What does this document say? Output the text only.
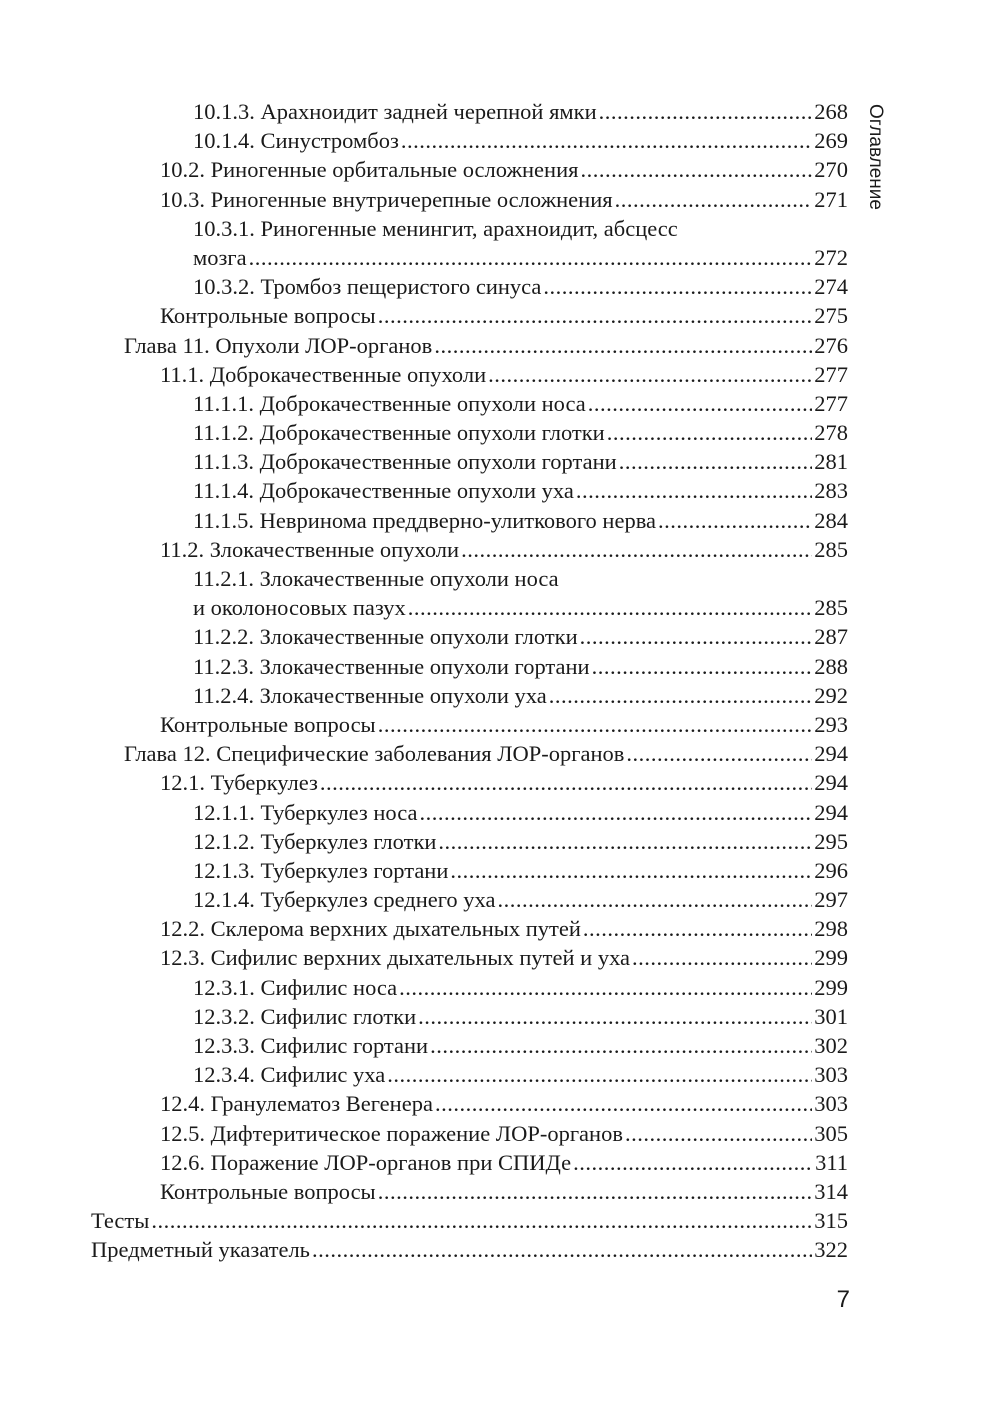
Оглавление
10.1.3. Арахноидит задней черепной ямки .....	268
10.1.4. Синустромбоз .....	269
10.2. Риногенные орбитальные осложнения .....	270
10.3. Риногенные внутричерепные осложнения .....	271
10.3.1. Риногенные менингит, арахноидит, абсцесс
мозга .....	272
10.3.2. Тромбоз пещеристого синуса .....	274
Контрольные вопросы .....	275
Глава 11. Опухоли ЛОР-органов .....	276
11.1. Доброкачественные опухоли .....	277
11.1.1. Доброкачественные опухоли носа .....	277
11.1.2. Доброкачественные опухоли глотки .....	278
11.1.3. Доброкачественные опухоли гортани .....	281
11.1.4. Доброкачественные опухоли уха .....	283
11.1.5. Невринома преддверно-улиткового нерва .....	284
11.2. Злокачественные опухоли .....	285
11.2.1. Злокачественные опухоли носа
и околоносовых пазух .....	285
11.2.2. Злокачественные опухоли глотки .....	287
11.2.3. Злокачественные опухоли гортани .....	288
11.2.4. Злокачественные опухоли уха .....	292
Контрольные вопросы .....	293
Глава 12. Специфические заболевания ЛОР-органов .....	294
12.1. Туберкулез .....	294
12.1.1. Туберкулез носа .....	294
12.1.2. Туберкулез глотки .....	295
12.1.3. Туберкулез гортани .....	296
12.1.4. Туберкулез среднего уха .....	297
12.2. Склерома верхних дыхательных путей .....	298
12.3. Сифилис верхних дыхательных путей и уха .....	299
12.3.1. Сифилис носа .....	299
12.3.2. Сифилис глотки .....	301
12.3.3. Сифилис гортани .....	302
12.3.4. Сифилис уха .....	303
12.4. Гранулематоз Вегенера .....	303
12.5. Дифтеритическое поражение ЛОР-органов .....	305
12.6. Поражение ЛОР-органов при СПИДе .....	311
Контрольные вопросы .....	314
Тесты .....	315
Предметный указатель .....	322
7
